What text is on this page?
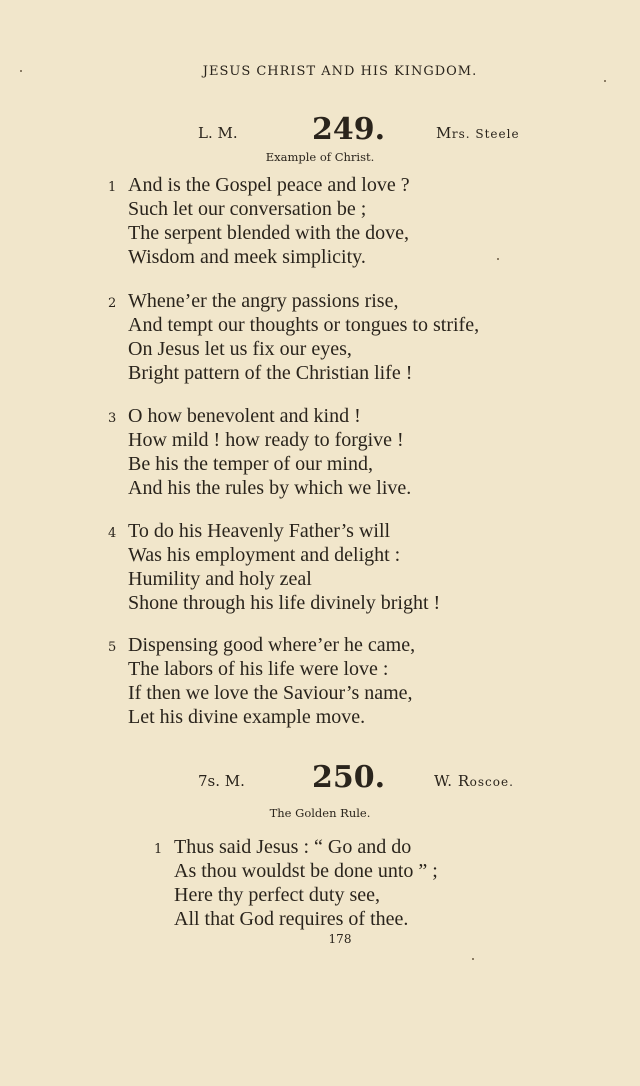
JESUS CHRIST AND HIS KINGDOM.
L. M. 249.	Mrs. Steele
Example of Christ.
1 And is the Gospel peace and love ?
Such let our conversation be ;
The serpent blended with the dove,
Wisdom and meek simplicity.
2 Whene’er the angry passions rise,
And tempt our thoughts or tongues to strife,
On Jesus let us fix our eyes,
Bright pattern of the Christian life !
3 O how benevolent and kind !
How mild ! how ready to forgive !
Be his the temper of our mind,
And his the rules by which we live.
4 To do his Heavenly Father’s will
Was his employment and delight :
Humility and holy zeal
Shone through his life divinely bright !
5 Dispensing good where’er he came,
The labors of his life were love :
If then we love the Saviour’s name,
Let his divine example move.
7s. M. 250.	W. Roscoe.
The Golden Rule.
1 Thus said Jesus : “ Go and do
As thou wouldst be done unto ” ;
Here thy perfect duty see,
All that God requires of thee.
178
